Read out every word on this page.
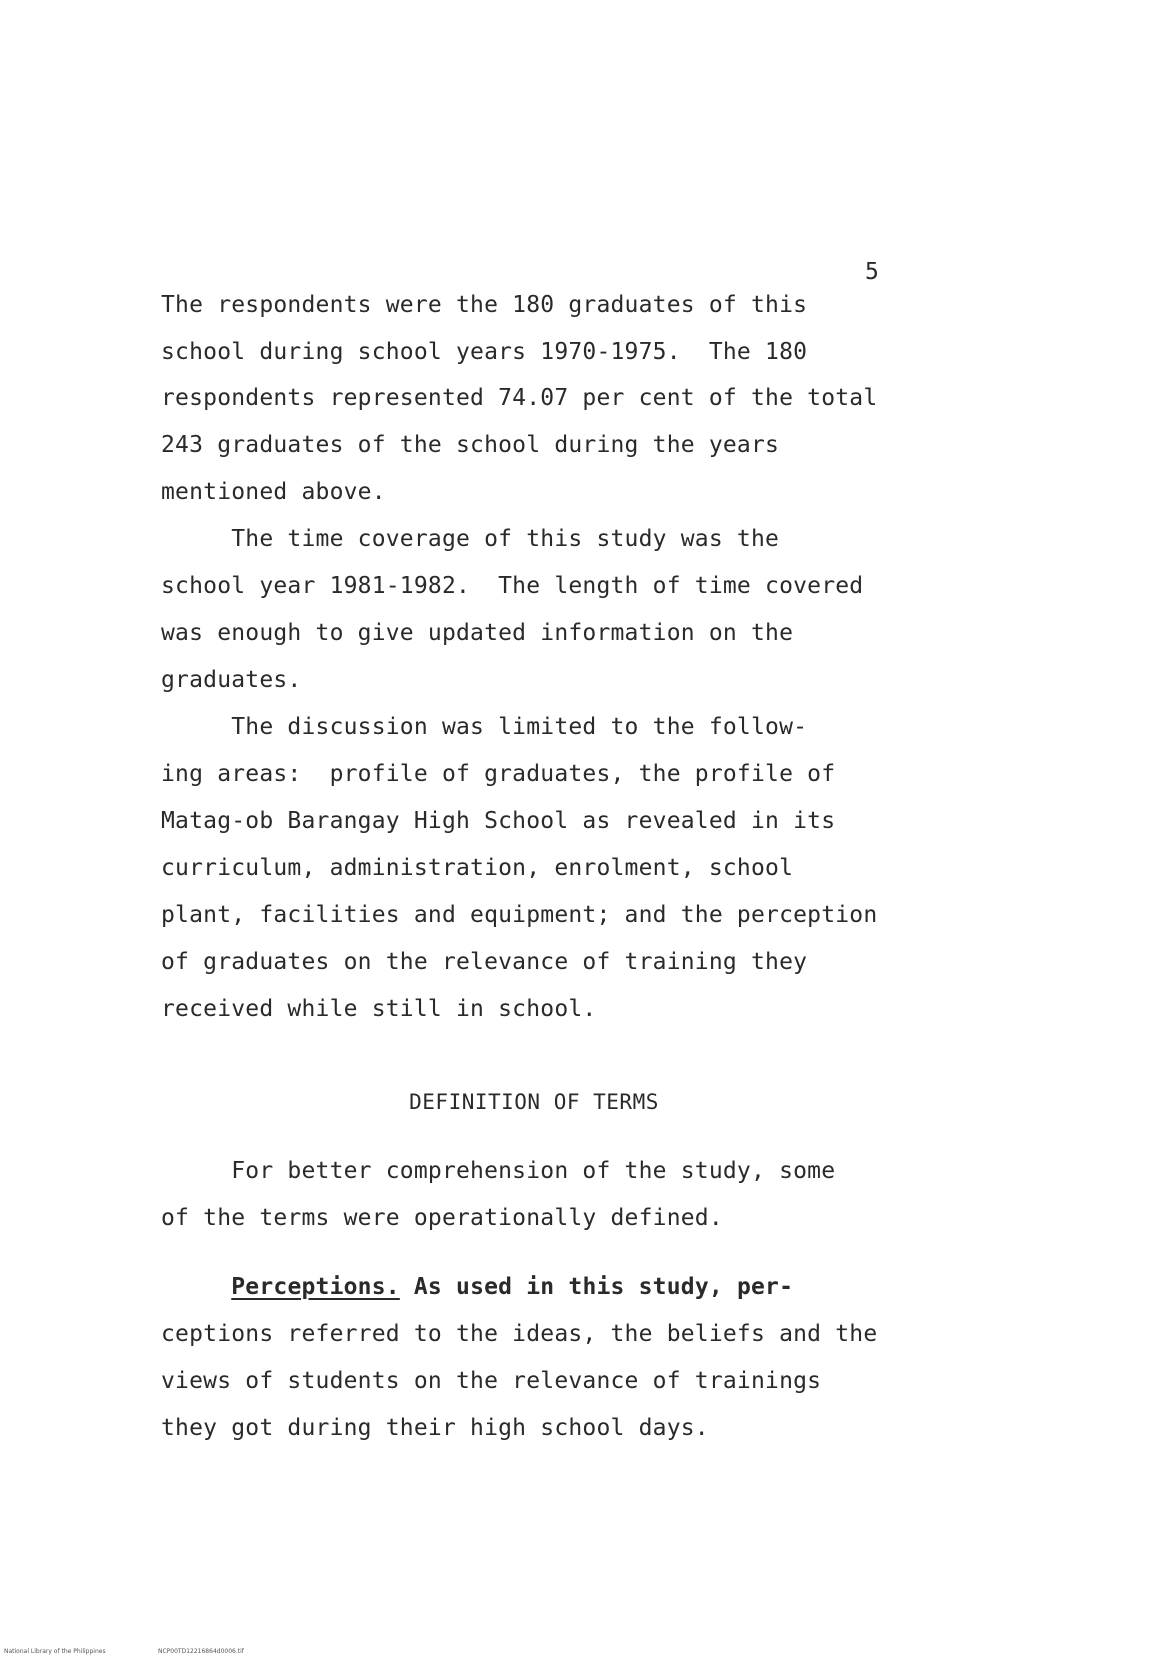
5
The respondents were the 180 graduates of this
school during school years 1970-1975.  The 180
respondents represented 74.07 per cent of the total
243 graduates of the school during the years
mentioned above.
The time coverage of this study was the
school year 1981-1982.  The length of time covered
was enough to give updated information on the
graduates.
The discussion was limited to the follow-
ing areas:  profile of graduates, the profile of
Matag-ob Barangay High School as revealed in its
curriculum, administration, enrolment, school
plant, facilities and equipment; and the perception
of graduates on the relevance of training they
received while still in school.
DEFINITION OF TERMS
For better comprehension of the study, some
of the terms were operationally defined.
Perceptions. As used in this study, per-
ceptions referred to the ideas, the beliefs and the
views of students on the relevance of trainings
they got during their high school days.
National Library of the Philippines	NCP00TD12216864d0006.tif
